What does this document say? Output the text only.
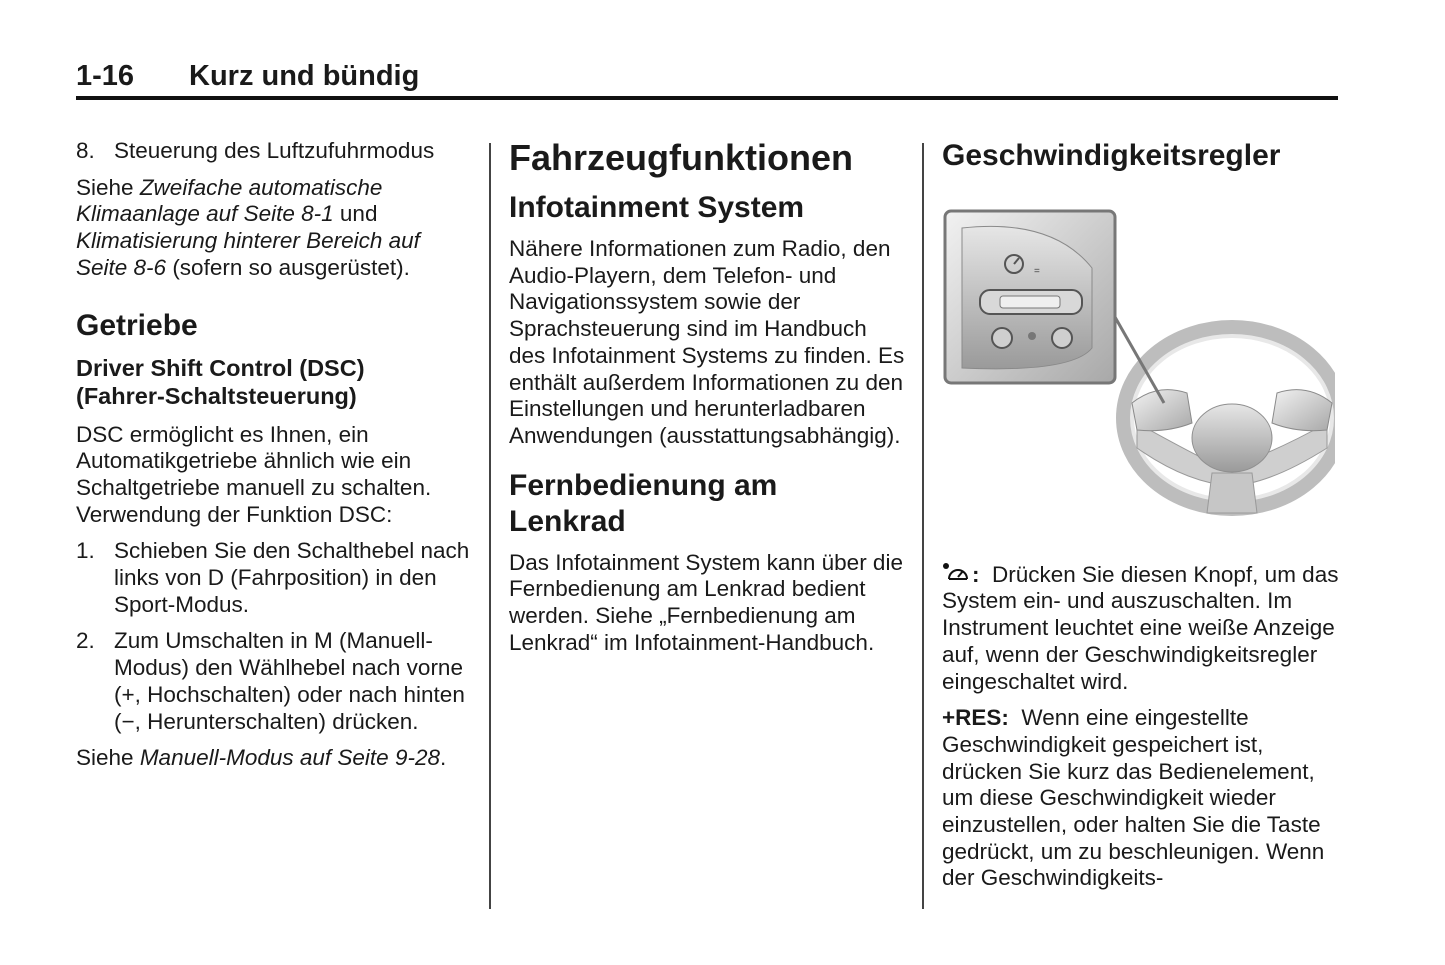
1-16 Kurz und bündig
8. Steuerung des Luftzufuhrmodus

Siehe Zweifache automatische Klimaanlage auf Seite 8-1 und Klimatisierung hinterer Bereich auf Seite 8-6 (sofern so ausgerüstet).

Getriebe
Driver Shift Control (DSC)
(Fahrer-Schaltsteuerung)

DSC ermöglicht es Ihnen, ein Automatikgetriebe ähnlich wie ein Schaltgetriebe manuell zu schalten. Verwendung der Funktion DSC:

1. Schieben Sie den Schalthebel nach links von D (Fahrposition) in den Sport-Modus.
2. Zum Umschalten in M (Manuell-Modus) den Wählhebel nach vorne (+, Hochschalten) oder nach hinten (−, Herunterschalten) drücken.

Siehe Manuell-Modus auf Seite 9-28.

Fahrzeugfunktionen
Infotainment System

Nähere Informationen zum Radio, den Audio-Playern, dem Telefon- und Navigationssystem sowie der Sprachsteuerung sind im Handbuch des Infotainment Systems zu finden. Es enthält außerdem Informationen zu den Einstellungen und herunterladbaren Anwendungen (ausstattungsabhängig).

Fernbedienung am
Lenkrad

Das Infotainment System kann über die Fernbedienung am Lenkrad bedient werden. Siehe „Fernbedienung am Lenkrad“ im Infotainment-Handbuch.

Geschwindigkeitsregler
=

: Drücken Sie diesen Knopf, um das System ein- und auszuschalten. Im Instrument leuchtet eine weiße Anzeige auf, wenn der Geschwindigkeitsregler eingeschaltet wird.

+RES: Wenn eine eingestellte Geschwindigkeit gespeichert ist, drücken Sie kurz das Bedienelement, um diese Geschwindigkeit wieder einzustellen, oder halten Sie die Taste gedrückt, um zu beschleunigen. Wenn der Geschwindigkeits-
